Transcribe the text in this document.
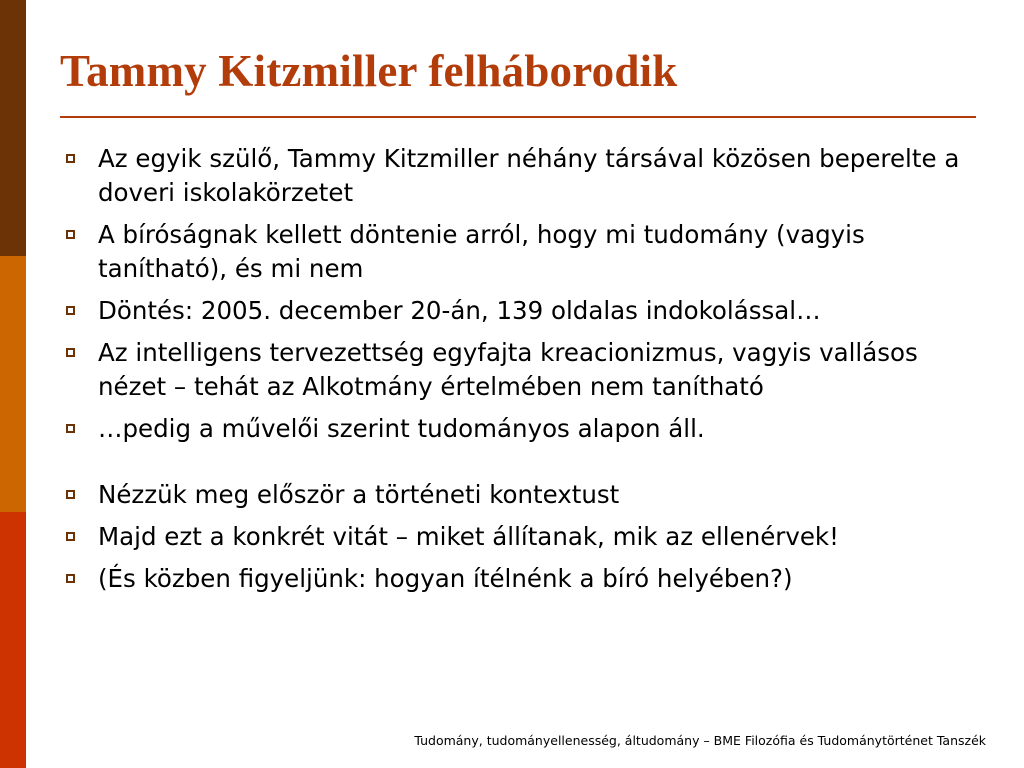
Tammy Kitzmiller felháborodik
Az egyik szülő, Tammy Kitzmiller néhány társával közösen beperelte a doveri iskolakörzetet
A bíróságnak kellett döntenie arról, hogy mi tudomány (vagyis tanítható), és mi nem
Döntés: 2005. december 20-án, 139 oldalas indokolással…
Az intelligens tervezettség egyfajta kreacionizmus, vagyis vallásos nézet – tehát az Alkotmány értelmében nem tanítható
…pedig a művelői szerint tudományos alapon áll.
Nézzük meg először a történeti kontextust
Majd ezt a konkrét vitát – miket állítanak, mik az ellenérvek!
(És közben figyeljünk: hogyan ítélnénk a bíró helyében?)

Tudomány, tudományellenesség, áltudomány – BME Filozófia és Tudománytörténet Tanszék
